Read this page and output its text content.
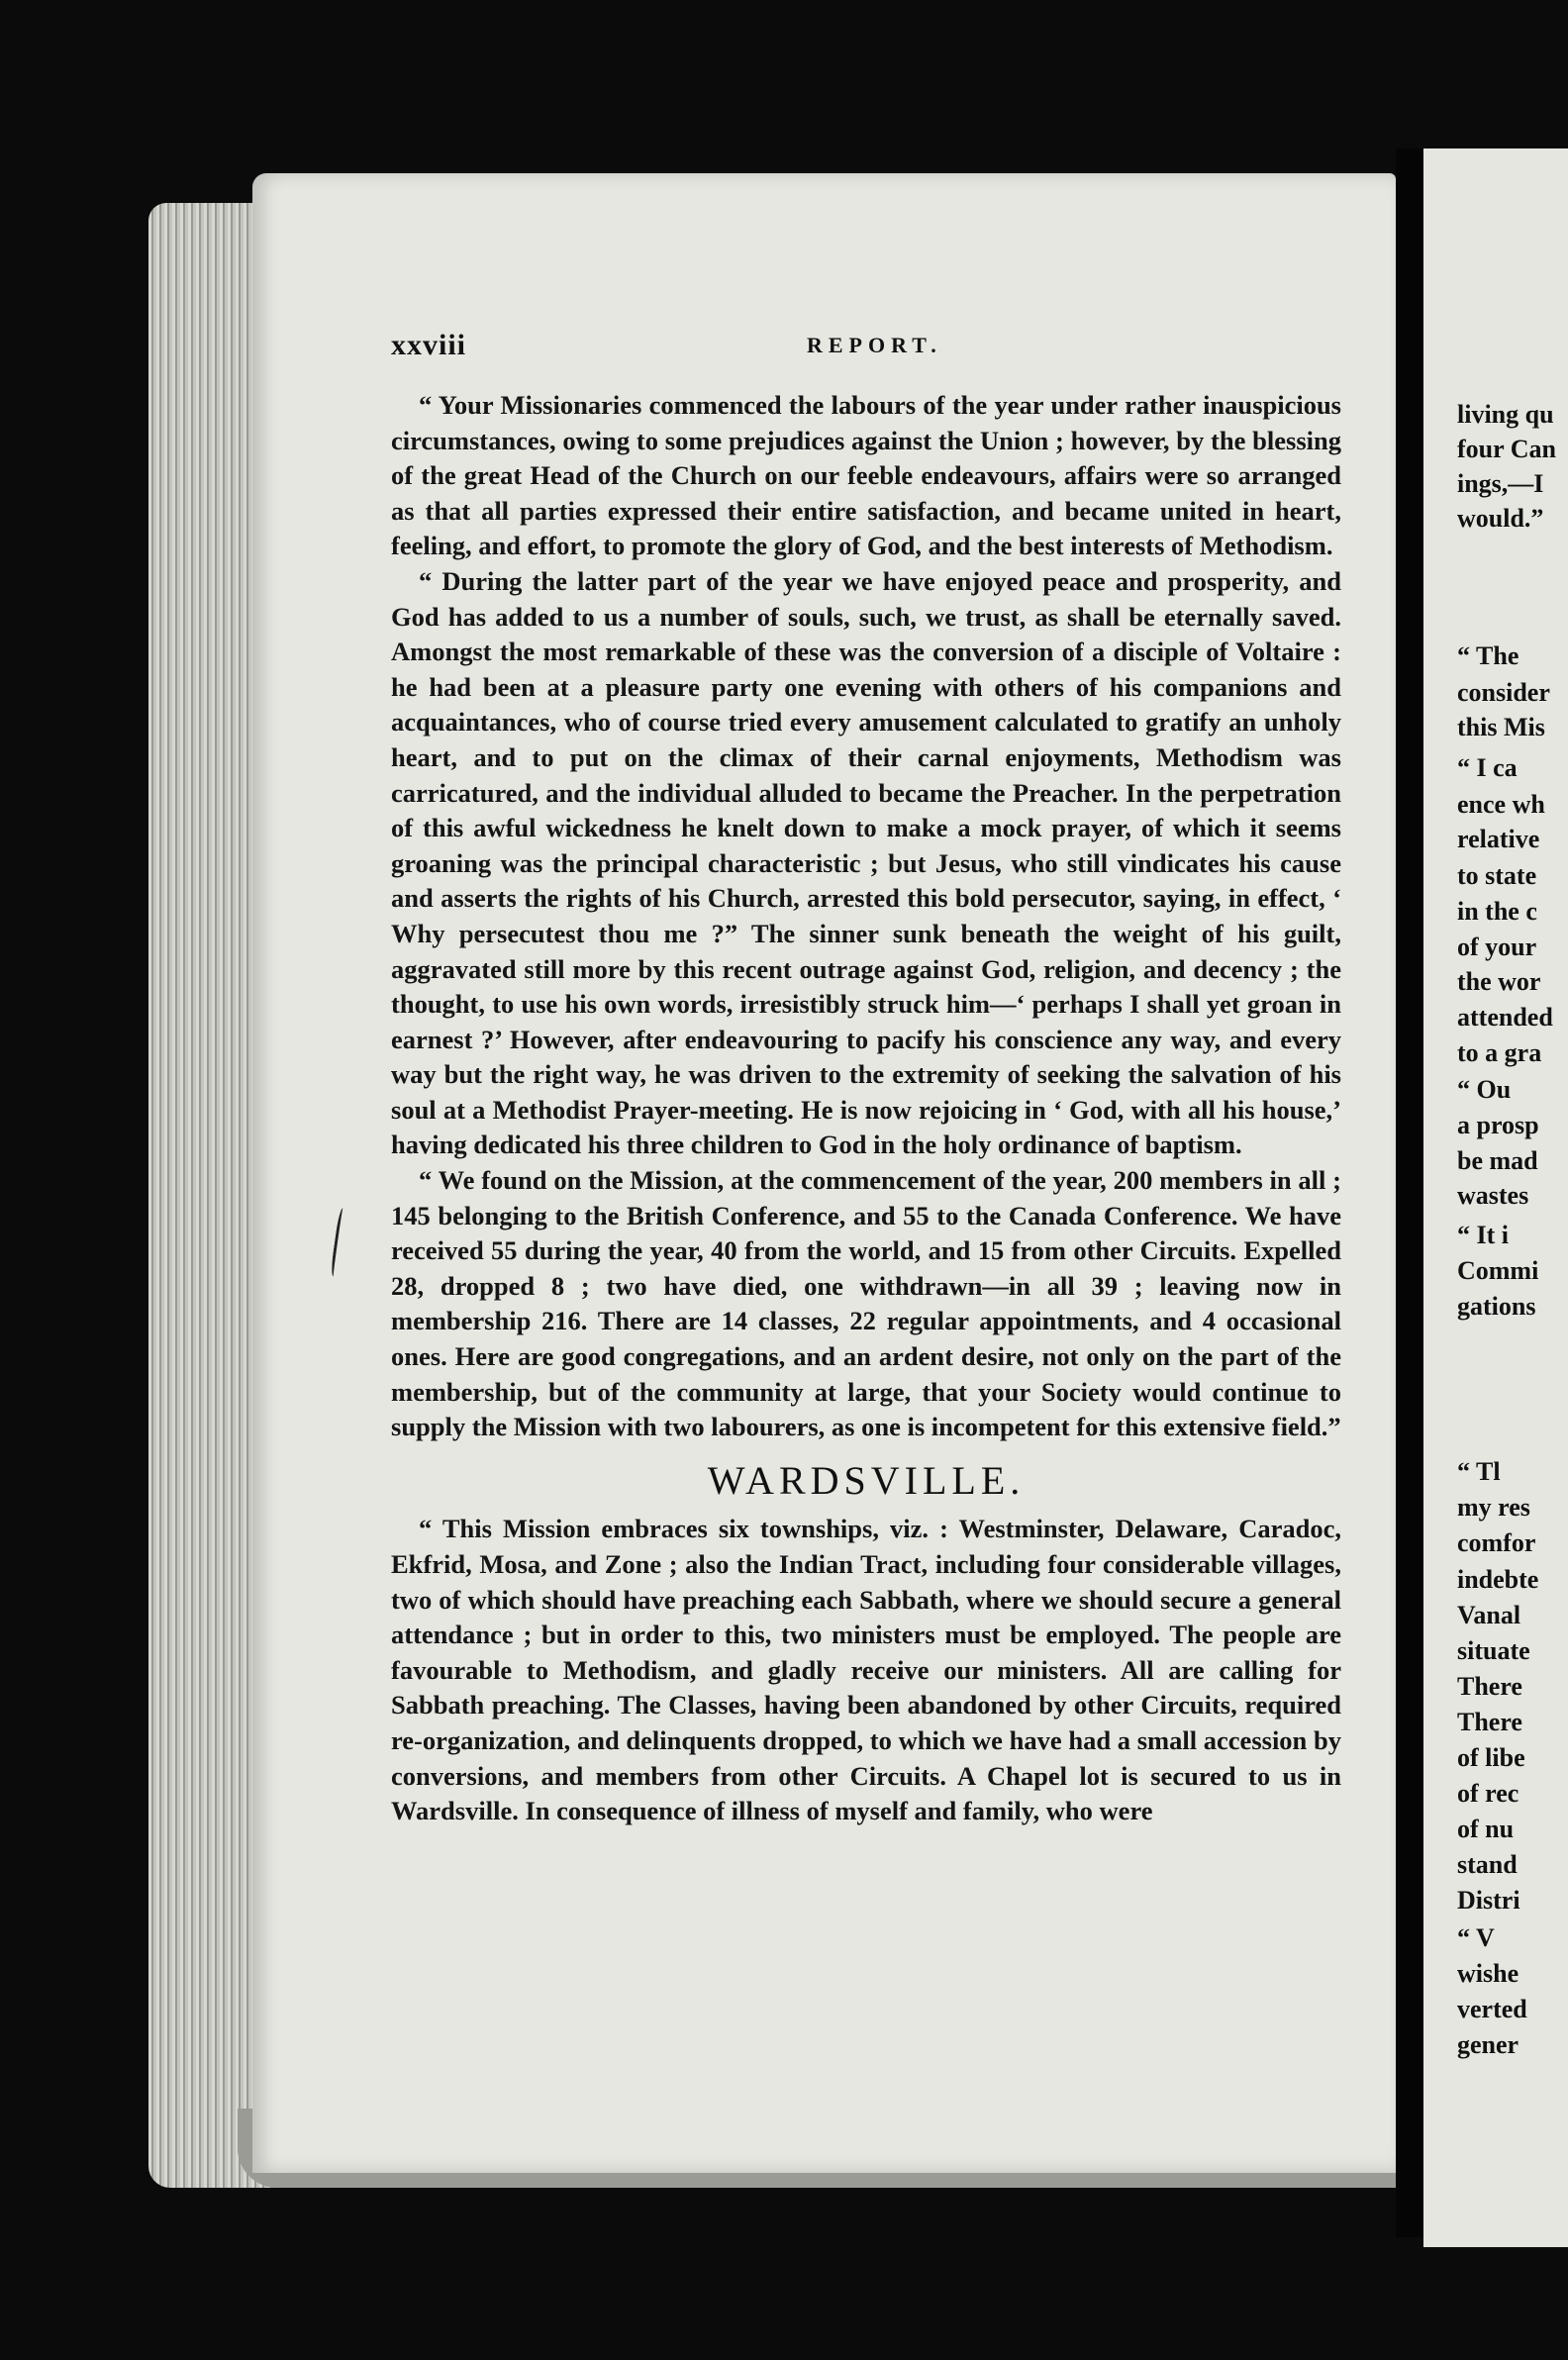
xxviii	REPORT.

“ Your Missionaries commenced the labours of the year under rather inauspicious circumstances, owing to some prejudices against the Union ; however, by the blessing of the great Head of the Church on our feeble endeavours, affairs were so arranged as that all parties expressed their entire satisfaction, and became united in heart, feeling, and effort, to promote the glory of God, and the best interests of Methodism.

“ During the latter part of the year we have enjoyed peace and prosperity, and God has added to us a number of souls, such, we trust, as shall be eternally saved. Amongst the most remarkable of these was the conversion of a disciple of Voltaire : he had been at a pleasure party one evening with others of his companions and acquaintances, who of course tried every amusement calculated to gratify an unholy heart, and to put on the climax of their carnal enjoyments, Methodism was carricatured, and the individual alluded to became the Preacher. In the perpetration of this awful wickedness he knelt down to make a mock prayer, of which it seems groaning was the principal characteristic ; but Jesus, who still vindicates his cause and asserts the rights of his Church, arrested this bold persecutor, saying, in effect, ‘ Why persecutest thou me ?” The sinner sunk beneath the weight of his guilt, aggravated still more by this recent outrage against God, religion, and decency ; the thought, to use his own words, irresistibly struck him—‘ perhaps I shall yet groan in earnest ?’ However, after endeavouring to pacify his conscience any way, and every way but the right way, he was driven to the extremity of seeking the salvation of his soul at a Methodist Prayer-meeting. He is now rejoicing in ‘ God, with all his house,’ having dedicated his three children to God in the holy ordinance of baptism.

“ We found on the Mission, at the commencement of the year, 200 members in all ; 145 belonging to the British Conference, and 55 to the Canada Conference. We have received 55 during the year, 40 from the world, and 15 from other Circuits. Expelled 28, dropped 8 ; two have died, one withdrawn—in all 39 ; leaving now in membership 216. There are 14 classes, 22 regular appointments, and 4 occasional ones. Here are good congregations, and an ardent desire, not only on the part of the membership, but of the community at large, that your Society would continue to supply the Mission with two labourers, as one is incompetent for this extensive field.”

WARDSVILLE.

“ This Mission embraces six townships, viz. : Westminster, Delaware, Caradoc, Ekfrid, Mosa, and Zone ; also the Indian Tract, including four considerable villages, two of which should have preaching each Sabbath, where we should secure a general attendance ; but in order to this, two ministers must be employed. The people are favourable to Methodism, and gladly receive our ministers. All are calling for Sabbath preaching. The Classes, having been abandoned by other Circuits, required re-organization, and delinquents dropped, to which we have had a small accession by conversions, and members from other Circuits. A Chapel lot is secured to us in Wardsville. In consequence of illness of myself and family, who were

living qu
four Can
ings,—I
would.”
“ The
consider
this Mis
“ I ca
ence wh
relative
to state
in the c
of your
the wor
attended
to a gra
“ Ou
a prosp
be mad
wastes
“ It i
Commi
gations
“ Tl
my res
comfor
indebte
Vanal
situate
There
There
of libe
of rec
of nu
stand
Distri
“ V
wishe
verted
gener
